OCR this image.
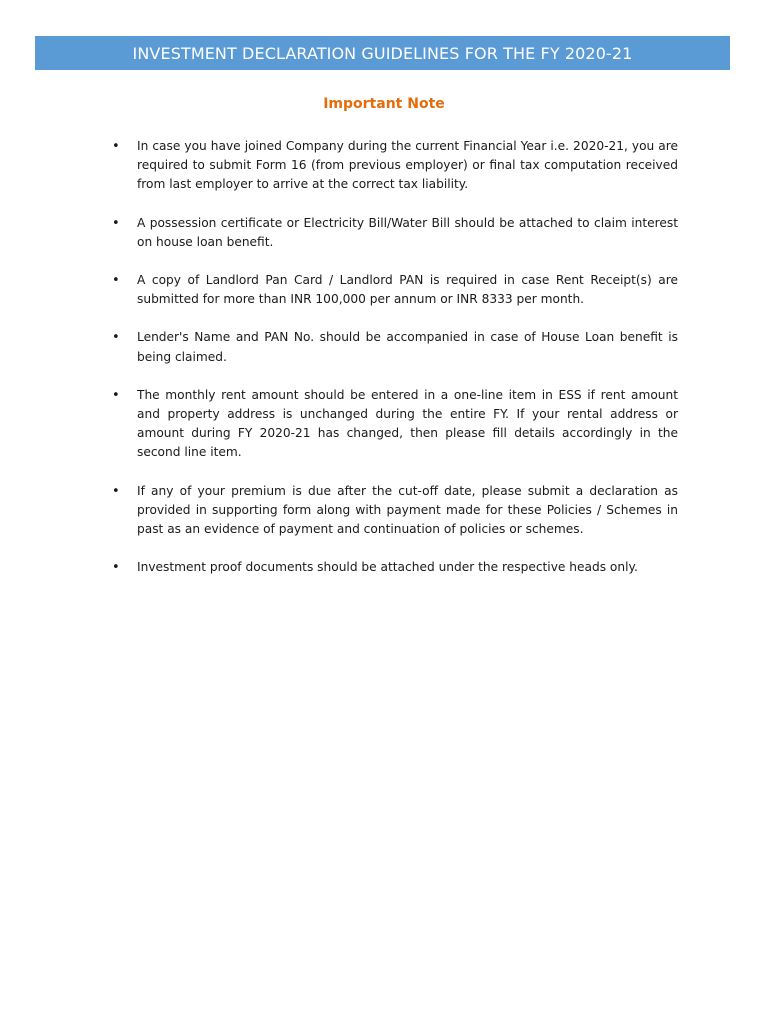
INVESTMENT DECLARATION GUIDELINES FOR THE FY 2020-21
Important Note
• In case you have joined Company during the current Financial Year i.e. 2020-21, you are required to submit Form 16 (from previous employer) or final tax computation received from last employer to arrive at the correct tax liability.
• A possession certificate or Electricity Bill/Water Bill should be attached to claim interest on house loan benefit.
• A copy of Landlord Pan Card / Landlord PAN is required in case Rent Receipt(s) are submitted for more than INR 100,000 per annum or INR 8333 per month.
• Lender's Name and PAN No. should be accompanied in case of House Loan benefit is being claimed.
• The monthly rent amount should be entered in a one-line item in ESS if rent amount and property address is unchanged during the entire FY. If your rental address or amount during FY 2020-21 has changed, then please fill details accordingly in the second line item.
• If any of your premium is due after the cut-off date, please submit a declaration as provided in supporting form along with payment made for these Policies / Schemes in past as an evidence of payment and continuation of policies or schemes.
• Investment proof documents should be attached under the respective heads only.
